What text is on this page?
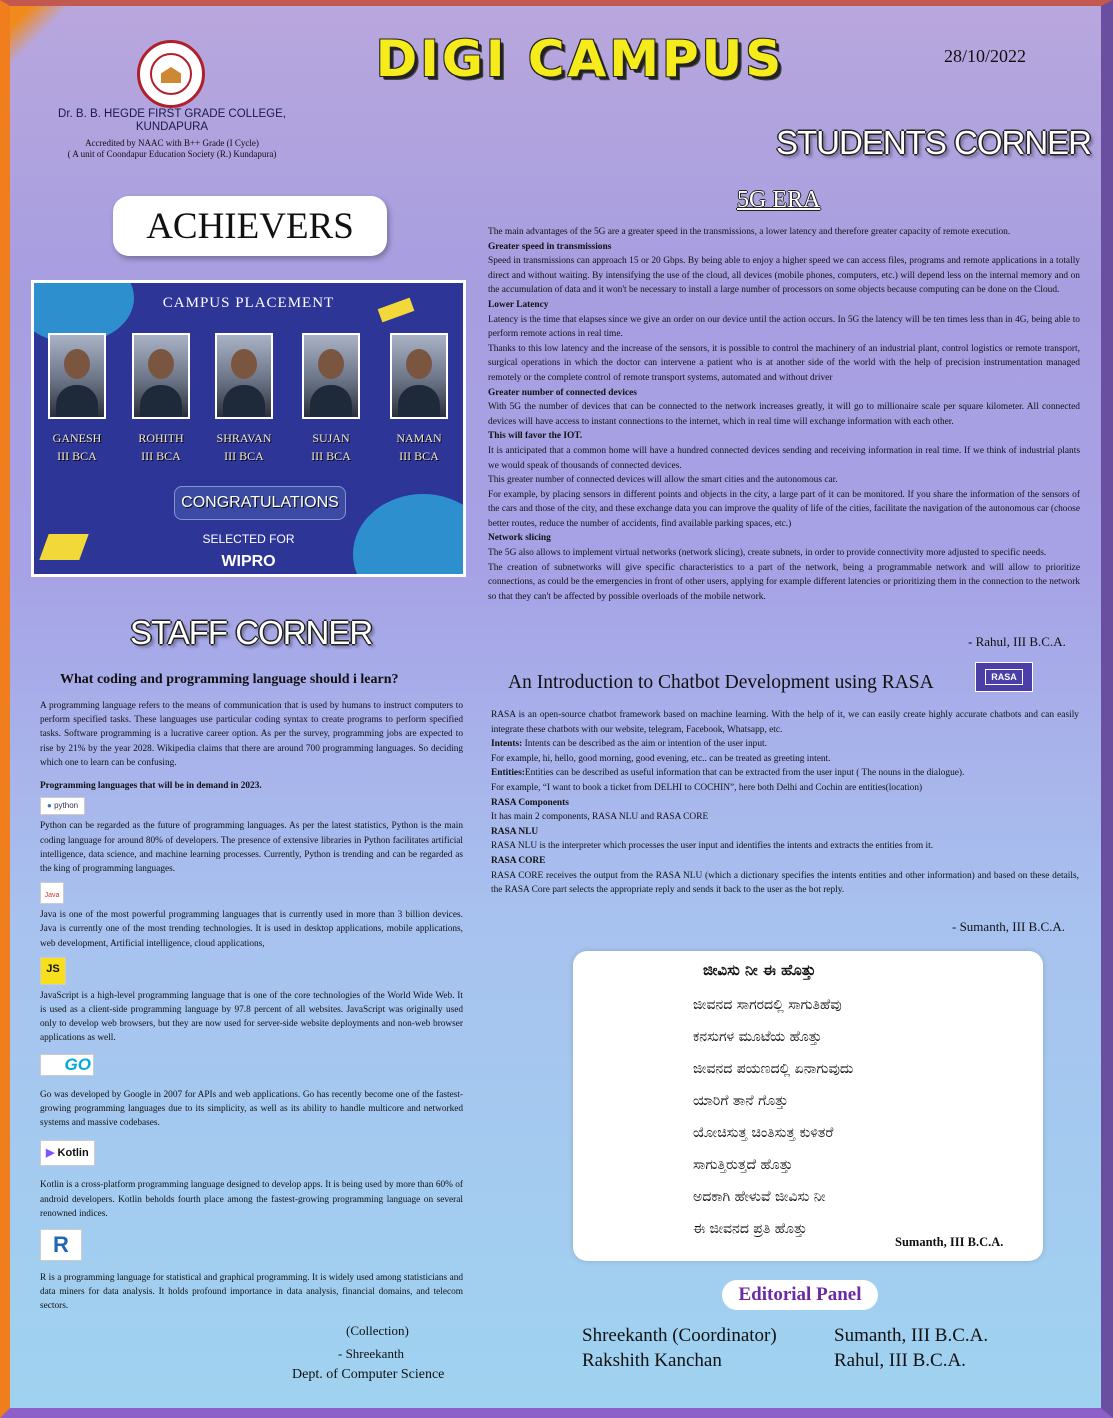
Dr. B. B. HEGDE FIRST GRADE COLLEGE,
KUNDAPURA
Accredited by NAAC with B++ Grade (I Cycle)
( A unit of Coondapur Education Society (R.) Kundapura)
DIGI CAMPUS	28/10/2022
STUDENTS CORNER
ACHIEVERS
CAMPUS PLACEMENT
GANESH
III BCA
ROHITH
III BCA
SHRAVAN
III BCA
SUJAN
III BCA
NAMAN
III BCA
CONGRATULATIONS
SELECTED FOR
WIPRO
5G ERA
The main advantages of the 5G are a greater speed in the transmissions, a lower latency and therefore greater capacity of remote execution.
Greater speed in transmissions
Speed in transmissions can approach 15 or 20 Gbps. By being able to enjoy a higher speed we can access files, programs and remote applications in a totally direct and without waiting. By intensifying the use of the cloud, all devices (mobile phones, computers, etc.) will depend less on the internal memory and on the accumulation of data and it won't be necessary to install a large number of processors on some objects because computing can be done on the Cloud.
Lower Latency
Latency is the time that elapses since we give an order on our device until the action occurs. In 5G the latency will be ten times less than in 4G, being able to perform remote actions in real time.
Thanks to this low latency and the increase of the sensors, it is possible to control the machinery of an industrial plant, control logistics or remote transport, surgical operations in which the doctor can intervene a patient who is at another side of the world with the help of precision instrumentation managed remotely or the complete control of remote transport systems, automated and without driver
Greater number of connected devices
With 5G the number of devices that can be connected to the network increases greatly, it will go to millionaire scale per square kilometer. All connected devices will have access to instant connections to the internet, which in real time will exchange information with each other.
This will favor the IOT.
It is anticipated that a common home will have a hundred connected devices sending and receiving information in real time. If we think of industrial plants we would speak of thousands of connected devices.
This greater number of connected devices will allow the smart cities and the autonomous car.
For example, by placing sensors in different points and objects in the city, a large part of it can be monitored. If you share the information of the sensors of the cars and those of the city, and these exchange data you can improve the quality of life of the cities, facilitate the navigation of the autonomous car (choose better routes, reduce the number of accidents, find available parking spaces, etc.)
Network slicing
The 5G also allows to implement virtual networks (network slicing), create subnets, in order to provide connectivity more adjusted to specific needs.
The creation of subnetworks will give specific characteristics to a part of the network, being a programmable network and will allow to prioritize connections, as could be the emergencies in front of other users, applying for example different latencies or prioritizing them in the connection to the network so that they can't be affected by possible overloads of the mobile network.
- Rahul, III B.C.A.
STAFF CORNER
What coding and programming language should i learn?
A programming language refers to the means of communication that is used by humans to instruct computers to perform specified tasks. These languages use particular coding syntax to create programs to perform specified tasks. Software programming is a lucrative career option. As per the survey, programming jobs are expected to rise by 21% by the year 2028. Wikipedia claims that there are around 700 programming languages. So deciding which one to learn can be confusing.
Programming languages that will be in demand in 2023.
● python
Python can be regarded as the future of programming languages. As per the latest statistics, Python is the main coding language for around 80% of developers. The presence of extensive libraries in Python facilitates artificial intelligence, data science, and machine learning processes. Currently, Python is trending and can be regarded as the king of programming languages.
Java
Java is one of the most powerful programming languages that is currently used in more than 3 billion devices. Java is currently one of the most trending technologies. It is used in desktop applications, mobile applications, web development, Artificial intelligence, cloud applications,
JS
JavaScript is a high-level programming language that is one of the core technologies of the World Wide Web. It is used as a client-side programming language by 97.8 percent of all websites. JavaScript was originally used only to develop web browsers, but they are now used for server-side website deployments and non-web browser applications as well.
GO
Go was developed by Google in 2007 for APIs and web applications. Go has recently become one of the fastest-growing programming languages due to its simplicity, as well as its ability to handle multicore and networked systems and massive codebases.
▶ Kotlin
Kotlin is a cross-platform programming language designed to develop apps. It is being used by more than 60% of android developers. Kotlin beholds fourth place among the fastest-growing programming language on several renowned indices.
R
R is a programming language for statistical and graphical programming. It is widely used among statisticians and data miners for data analysis. It holds profound importance in data analysis, financial domains, and telecom sectors.
(Collection)
- Shreekanth
Dept. of Computer Science
An Introduction to Chatbot Development using RASA	RASA
RASA is an open-source chatbot framework based on machine learning. With the help of it, we can easily create highly accurate chatbots and can easily integrate these chatbots with our website, telegram, Facebook, Whatsapp, etc.
Intents: Intents can be described as the aim or intention of the user input.
For example, hi, hello, good morning, good evening, etc.. can be treated as greeting intent.
Entities:Entities can be described as useful information that can be extracted from the user input ( The nouns in the dialogue).
For example, “I want to book a ticket from DELHI to COCHIN”, here both Delhi and Cochin are entities(location)
RASA Components
It has main 2 components, RASA NLU and RASA CORE
RASA NLU
RASA NLU is the interpreter which processes the user input and identifies the intents and extracts the entities from it.
RASA CORE
RASA CORE receives the output from the RASA NLU (which a dictionary specifies the intents entities and other information) and based on these details, the RASA Core part selects the appropriate reply and sends it back to the user as the bot reply.
- Sumanth, III B.C.A.
ಜೀವಿಸು ನೀ ಈ ಹೊತ್ತು
ಜೀವನದ ಸಾಗರದಲ್ಲಿ ಸಾಗುತಿಹೆವು
ಕನಸುಗಳ ಮೂಟೆಯ ಹೊತ್ತು
ಜೀವನದ ಪಯಣದಲ್ಲಿ ಏನಾಗುವುದು
ಯಾರಿಗೆ ತಾನೆ ಗೊತ್ತು
ಯೋಚಿಸುತ್ತ ಚಿಂತಿಸುತ್ತ ಕುಳಿತರೆ
ಸಾಗುತ್ತಿರುತ್ತದೆ ಹೊತ್ತು
ಅದಕಾಗಿ ಹೇಳುವೆ ಜೀವಿಸು ನೀ
ಈ ಜೀವನದ ಪ್ರತಿ ಹೊತ್ತು
Sumanth, III B.C.A.
Editorial Panel
Shreekanth (Coordinator)	Sumanth, III B.C.A.
Rakshith Kanchan	Rahul, III B.C.A.
